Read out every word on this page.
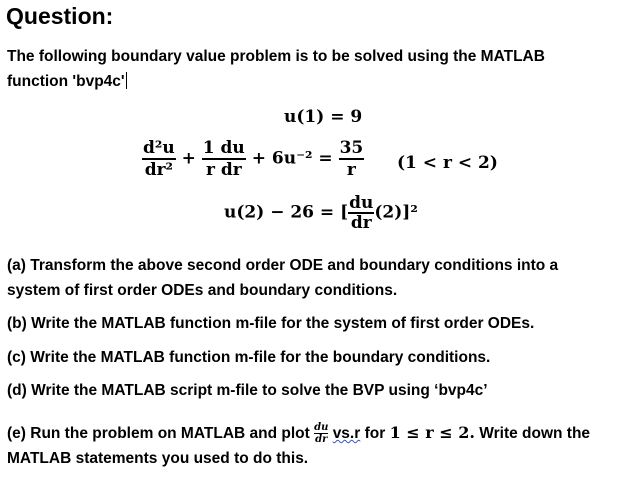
Question:
The following boundary value problem is to be solved using the MATLAB
function 'bvp4c'
u(1) = 9
$\frac{\text{d²u}}{\text{dr²}} + \frac{1 du}{\text{r dr}} + 6u^{-2} = \frac{35}{r} (1 < r < 2)$
u(2) − 26 = [ $\frac{du}{dr} (2)]^2$
(a) Transform the above second order ODE and boundary conditions into a
system of first order ODEs and boundary conditions.
(b) Write the MATLAB function m-file for the system of first order ODEs.
(c) Write the MATLAB function m-file for the boundary conditions.
(d) Write the MATLAB script m-file to solve the BVP using ‘bvp4c’
(e) Run the problem on MATLAB and plot $\frac{du}{dr} vs.r$ for 1 ≤ r ≤ 2. Write down the
MATLAB statements you used to do this.
